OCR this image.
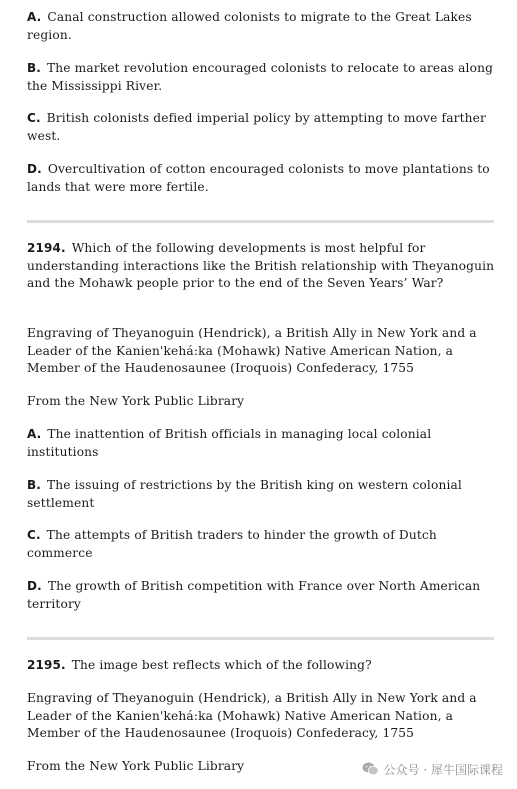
A. Canal construction allowed colonists to migrate to the Great Lakes region.

B. The market revolution encouraged colonists to relocate to areas along the Mississippi River.

C. British colonists defied imperial policy by attempting to move farther west.

D. Overcultivation of cotton encouraged colonists to move plantations to lands that were more fertile.

2194. Which of the following developments is most helpful for understanding interactions like the British relationship with Theyanoguin and the Mohawk people prior to the end of the Seven Years’ War?

Engraving of Theyanoguin (Hendrick), a British Ally in New York and a Leader of the Kanien'kehá:ka (Mohawk) Native American Nation, a Member of the Haudenosaunee (Iroquois) Confederacy, 1755

From the New York Public Library

A. The inattention of British officials in managing local colonial institutions

B. The issuing of restrictions by the British king on western colonial settlement

C. The attempts of British traders to hinder the growth of Dutch commerce

D. The growth of British competition with France over North American territory

2195. The image best reflects which of the following?

Engraving of Theyanoguin (Hendrick), a British Ally in New York and a Leader of the Kanien'kehá:ka (Mohawk) Native American Nation, a Member of the Haudenosaunee (Iroquois) Confederacy, 1755

From the New York Public Library	公众号 · 犀牛国际课程
